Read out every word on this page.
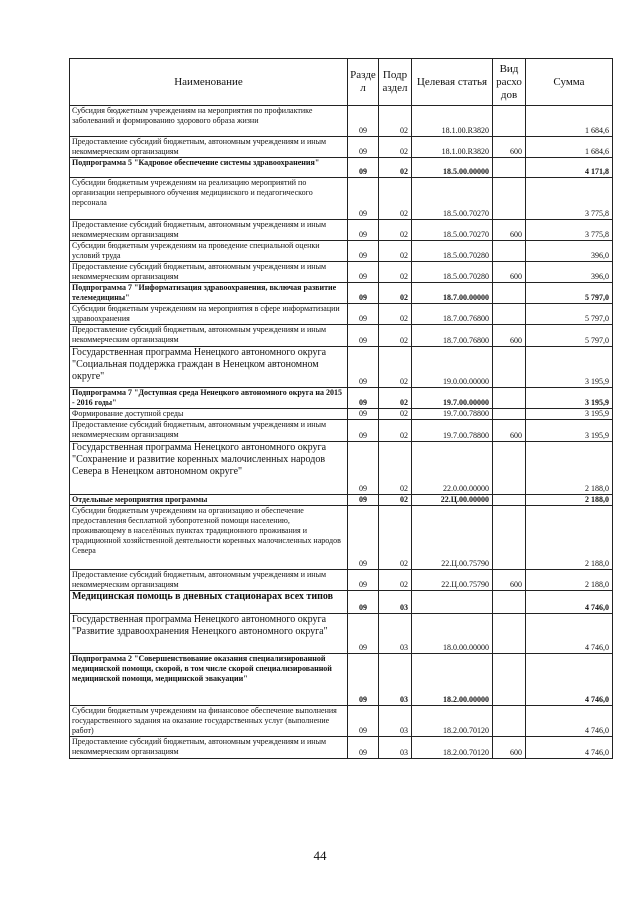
Наименование	Разде л	Подр аздел	Целевая статья	Вид расхо дов	Сумма
Субсидия бюджетным учреждениям на мероприятия по профилактике заболеваний и формированию здорового образа жизни	09	02	18.1.00.R3820		1 684,6
Предоставление субсидий бюджетным, автономным учреждениям и иным некоммерческим организациям	09	02	18.1.00.R3820	600	1 684,6
Подпрограмма 5 "Кадровое обеспечение системы здравоохранения"	09	02	18.5.00.00000		4 171,8
Субсидии бюджетным учреждениям на реализацию мероприятий по организации непрерывного обучения медицинского и педагогического персонала	09	02	18.5.00.70270		3 775,8
Предоставление субсидий бюджетным, автономным учреждениям и иным некоммерческим организациям	09	02	18.5.00.70270	600	3 775,8
Субсидии бюджетным учреждениям на проведение специальной оценки условий труда	09	02	18.5.00.70280		396,0
Предоставление субсидий бюджетным, автономным учреждениям и иным некоммерческим организациям	09	02	18.5.00.70280	600	396,0
Подпрограмма 7 "Информатизация здравоохранения, включая развитие телемедицины"	09	02	18.7.00.00000		5 797,0
Субсидии бюджетным учреждениям на мероприятия в сфере информатизации здравоохранения	09	02	18.7.00.76800		5 797,0
Предоставление субсидий бюджетным, автономным учреждениям и иным некоммерческим организациям	09	02	18.7.00.76800	600	5 797,0
Государственная программа Ненецкого автономного округа "Социальная поддержка граждан в Ненецком автономном округе"	09	02	19.0.00.00000		3 195,9
Подпрограмма 7 "Доступная среда Ненецкого автономного округа на 2015 - 2016 годы"	09	02	19.7.00.00000		3 195,9
Формирование доступной среды	09	02	19.7.00.78800		3 195,9
Предоставление субсидий бюджетным, автономным учреждениям и иным некоммерческим организациям	09	02	19.7.00.78800	600	3 195,9
Государственная программа Ненецкого автономного округа "Сохранение и развитие коренных малочисленных народов Севера в Ненецком автономном округе"	09	02	22.0.00.00000		2 188,0
Отдельные мероприятия программы	09	02	22.Ц.00.00000		2 188,0
Субсидии бюджетным учреждениям на организацию и обеспечение предоставления бесплатной зубопротезной помощи населению, проживающему в населённых пунктах традиционного проживания и традиционной хозяйственной деятельности коренных малочисленных народов Севера	09	02	22.Ц.00.75790		2 188,0
Предоставление субсидий бюджетным, автономным учреждениям и иным некоммерческим организациям	09	02	22.Ц.00.75790	600	2 188,0
Медицинская помощь в дневных стационарах всех типов	09	03			4 746,0
Государственная программа Ненецкого автономного округа "Развитие здравоохранения Ненецкого автономного округа"	09	03	18.0.00.00000		4 746,0
Подпрограмма 2 "Совершенствование оказания специализированной медицинской помощи, скорой, в том числе скорой специализированной медицинской помощи, медицинской эвакуации"	09	03	18.2.00.00000		4 746,0
Субсидии бюджетным учреждениям на финансовое обеспечение выполнения государственного задания на оказание государственных услуг (выполнение работ)	09	03	18.2.00.70120		4 746,0
Предоставление субсидий бюджетным, автономным учреждениям и иным некоммерческим организациям	09	03	18.2.00.70120	600	4 746,0
44
